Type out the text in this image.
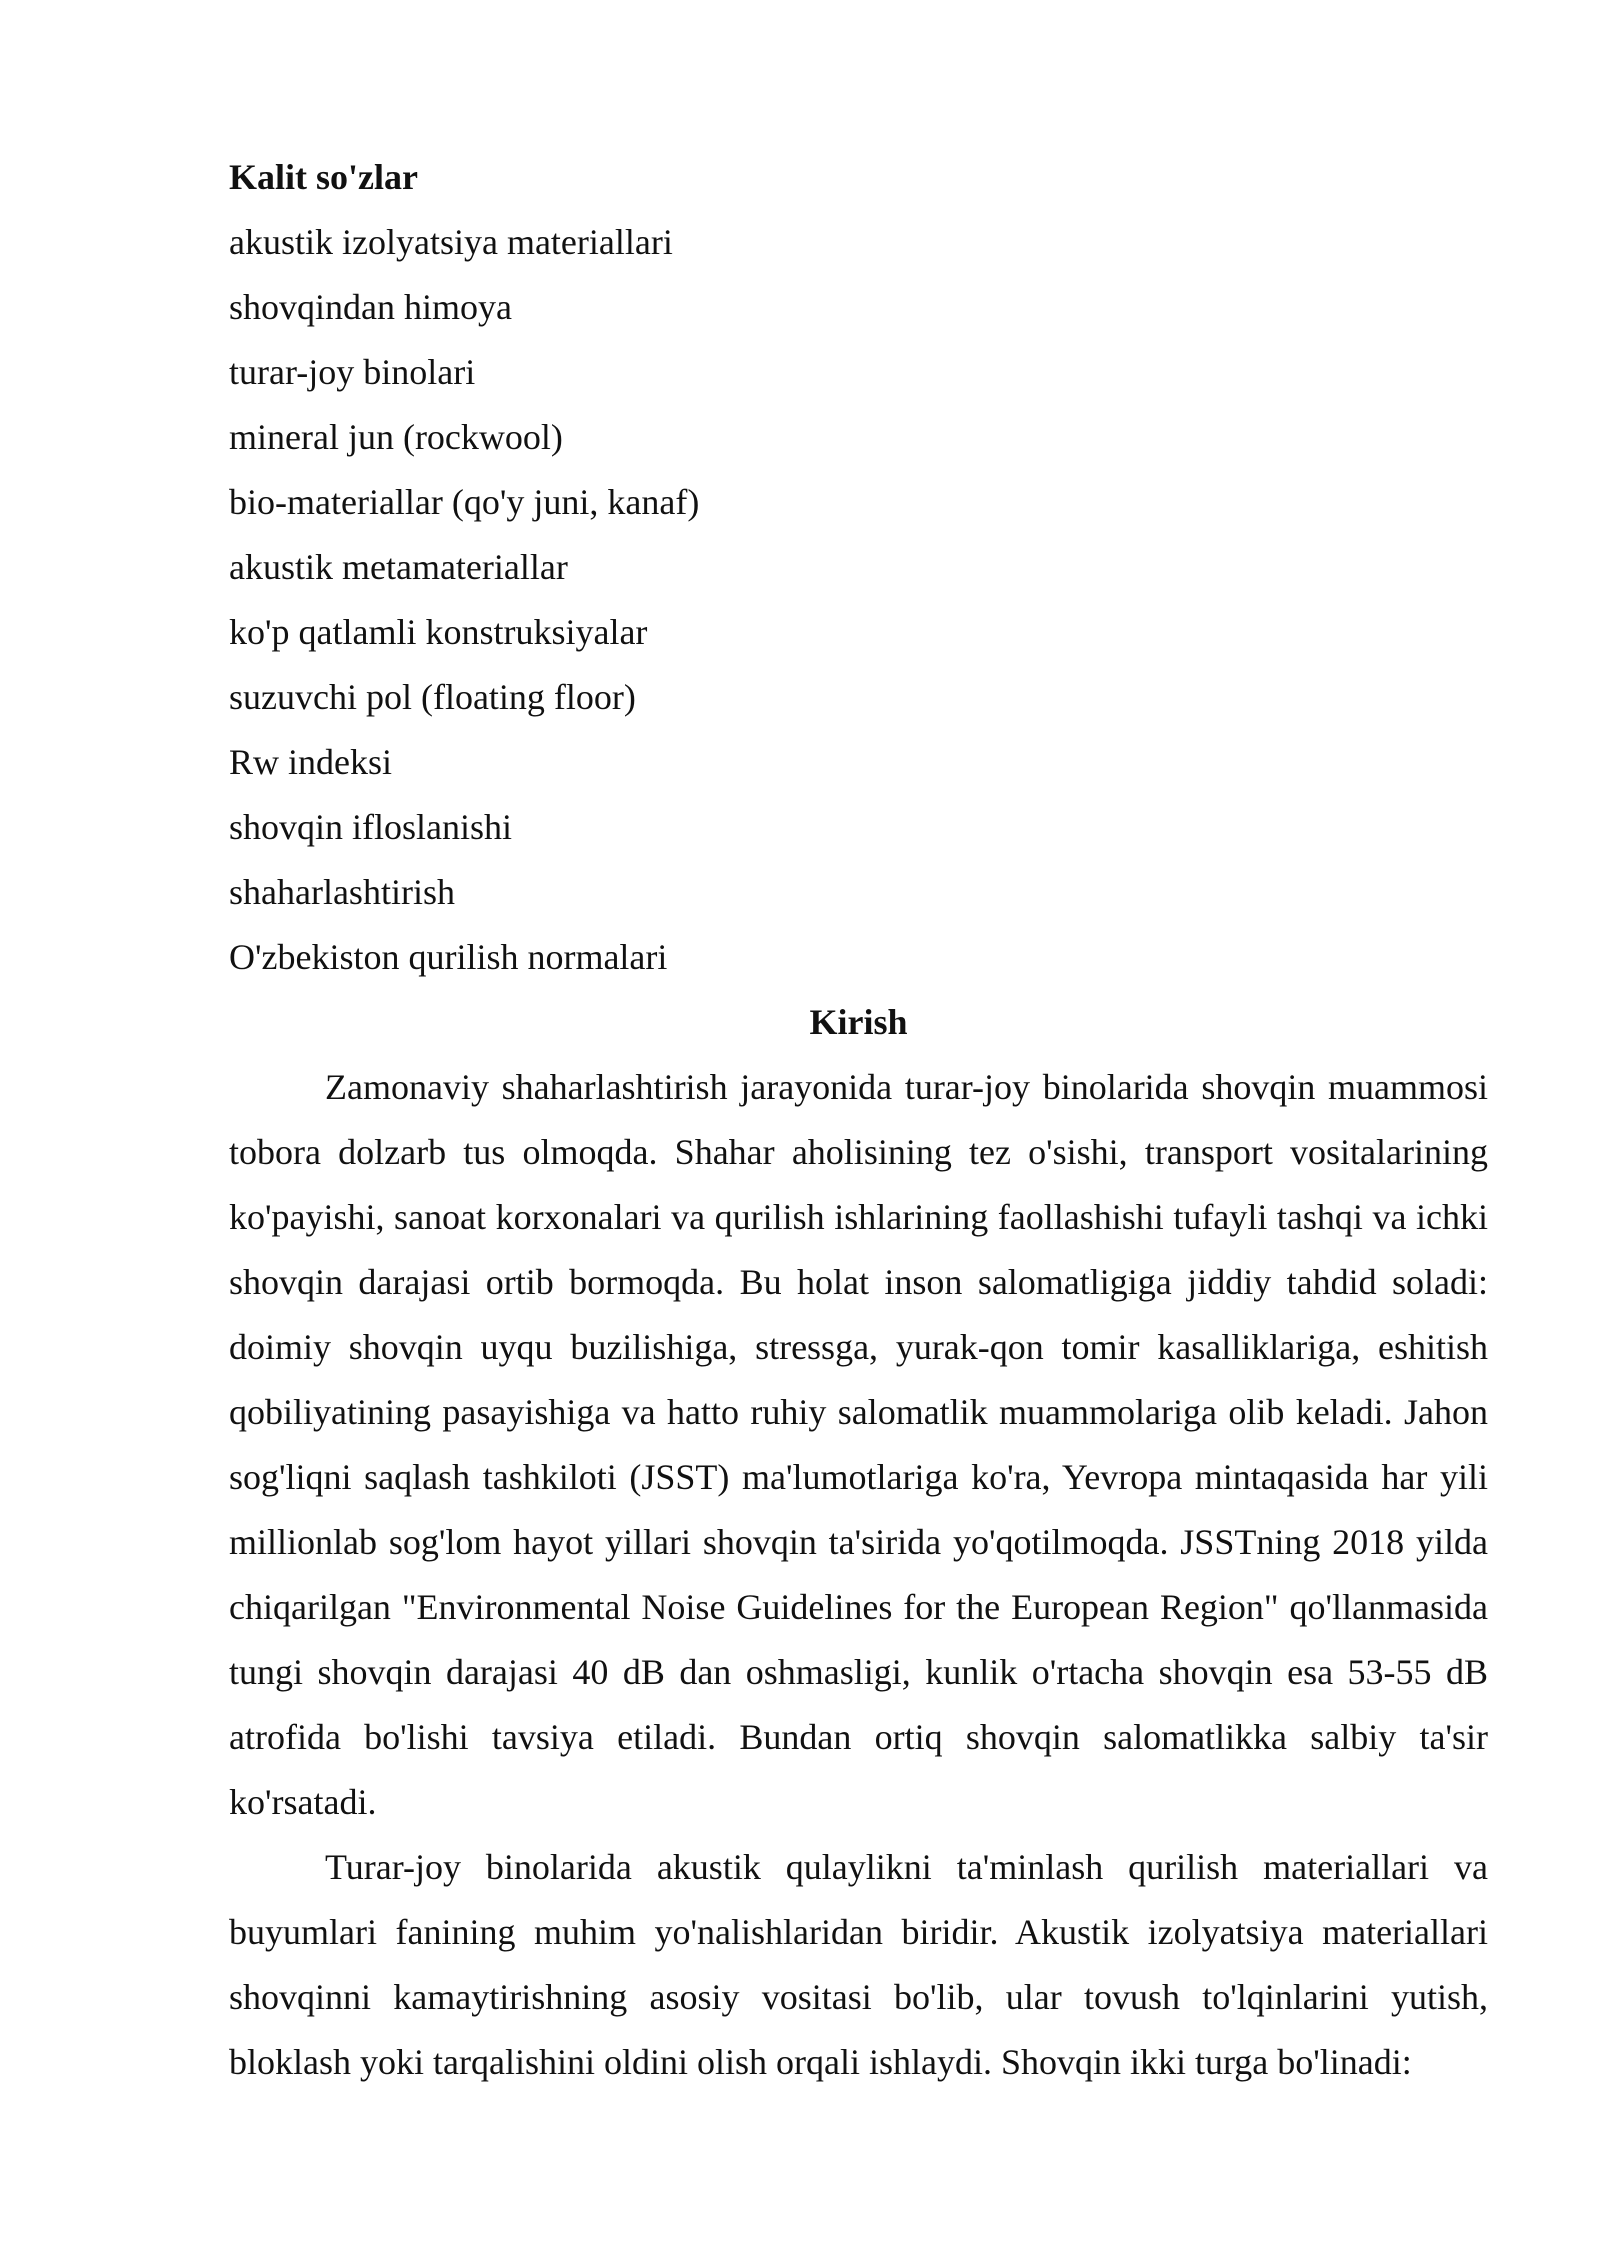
Kalit so'zlar

akustik izolyatsiya materiallari
shovqindan himoya
turar-joy binolari
mineral jun (rockwool)
bio-materiallar (qo'y juni, kanaf)
akustik metamateriallar
ko'p qatlamli konstruksiyalar
suzuvchi pol (floating floor)
Rw indeksi
shovqin ifloslanishi
shaharlashtirish
O'zbekiston qurilish normalari

Kirish

Zamonaviy shaharlashtirish jarayonida turar-joy binolarida shovqin muammosi tobora dolzarb tus olmoqda. Shahar aholisining tez o'sishi, transport vositalarining ko'payishi, sanoat korxonalari va qurilish ishlarining faollashishi tufayli tashqi va ichki shovqin darajasi ortib bormoqda. Bu holat inson salomatligiga jiddiy tahdid soladi: doimiy shovqin uyqu buzilishiga, stressga, yurak-qon tomir kasalliklariga, eshitish qobiliyatining pasayishiga va hatto ruhiy salomatlik muammolariga olib keladi. Jahon sog'liqni saqlash tashkiloti (JSST) ma'lumotlariga ko'ra, Yevropa mintaqasida har yili millionlab sog'lom hayot yillari shovqin ta'sirida yo'qotilmoqda. JSSTning 2018 yilda chiqarilgan "Environmental Noise Guidelines for the European Region" qo'llanmasida tungi shovqin darajasi 40 dB dan oshmasligi, kunlik o'rtacha shovqin esa 53-55 dB atrofida bo'lishi tavsiya etiladi. Bundan ortiq shovqin salomatlikka salbiy ta'sir ko'rsatadi.

Turar-joy binolarida akustik qulaylikni ta'minlash qurilish materiallari va buyumlari fanining muhim yo'nalishlaridan biridir. Akustik izolyatsiya materiallari shovqinni kamaytirishning asosiy vositasi bo'lib, ular tovush to'lqinlarini yutish, bloklash yoki tarqalishini oldini olish orqali ishlaydi. Shovqin ikki turga bo'linadi:
